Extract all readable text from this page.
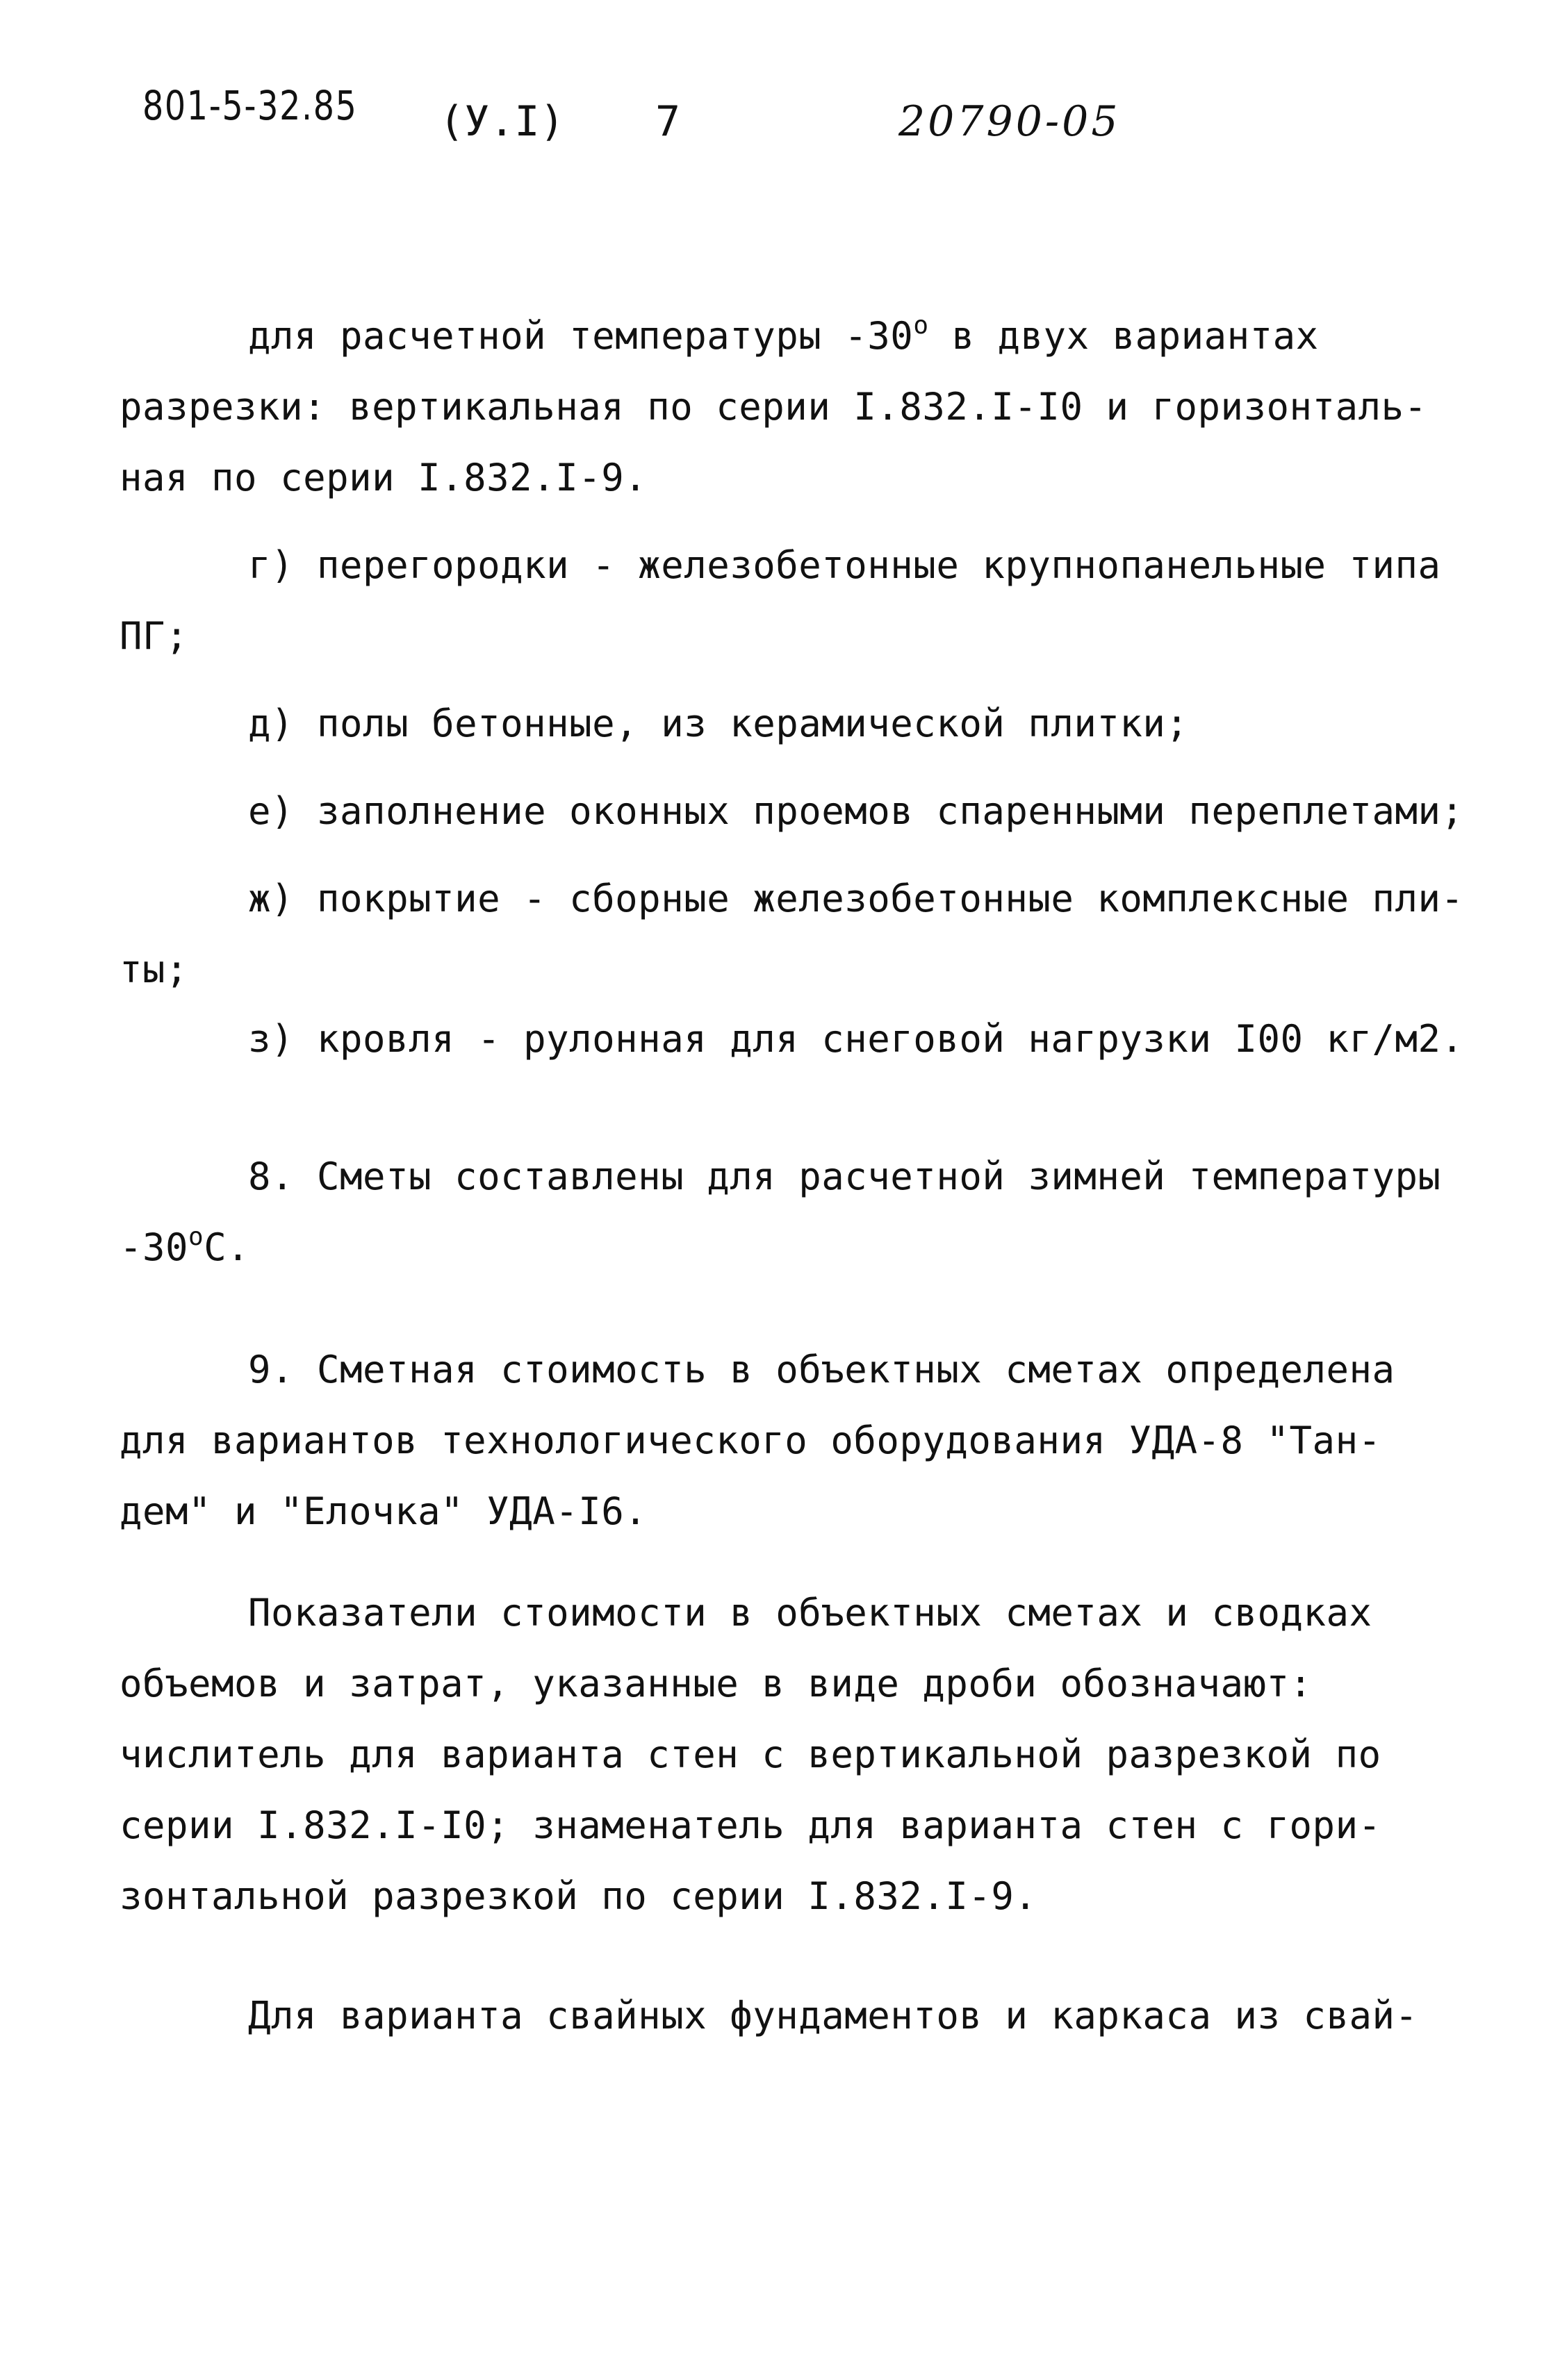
801-5-32.85 (У.I) 7	20790-05
для расчетной температуры $-30^о$ в двух вариантах
разрезки: вертикальная по серии I.832.I-I0 и горизонталь-
ная по серии I.832.I-9.
г) перегородки - железобетонные крупнопанельные типа
ПГ;
д) полы бетонные, из керамической плитки;
е) заполнение оконных проемов спаренными переплетами;
ж) покрытие - сборные железобетонные комплексные пли-
ты;
з) кровля - рулонная для снеговой нагрузки I00 кг/м2.
8. Сметы составлены для расчетной зимней температуры
$-30^оС$.
9. Сметная стоимость в объектных сметах определена
для вариантов технологического оборудования УДА-8 "Тан-
дем" и "Елочка" УДА-I6.
Показатели стоимости в объектных сметах и сводках
объемов и затрат, указанные в виде дроби обозначают:
числитель для варианта стен с вертикальной разрезкой по
серии I.832.I-I0; знаменатель для варианта стен с гори-
зонтальной разрезкой по серии I.832.I-9.
Для варианта свайных фундаментов и каркаса из свай-
